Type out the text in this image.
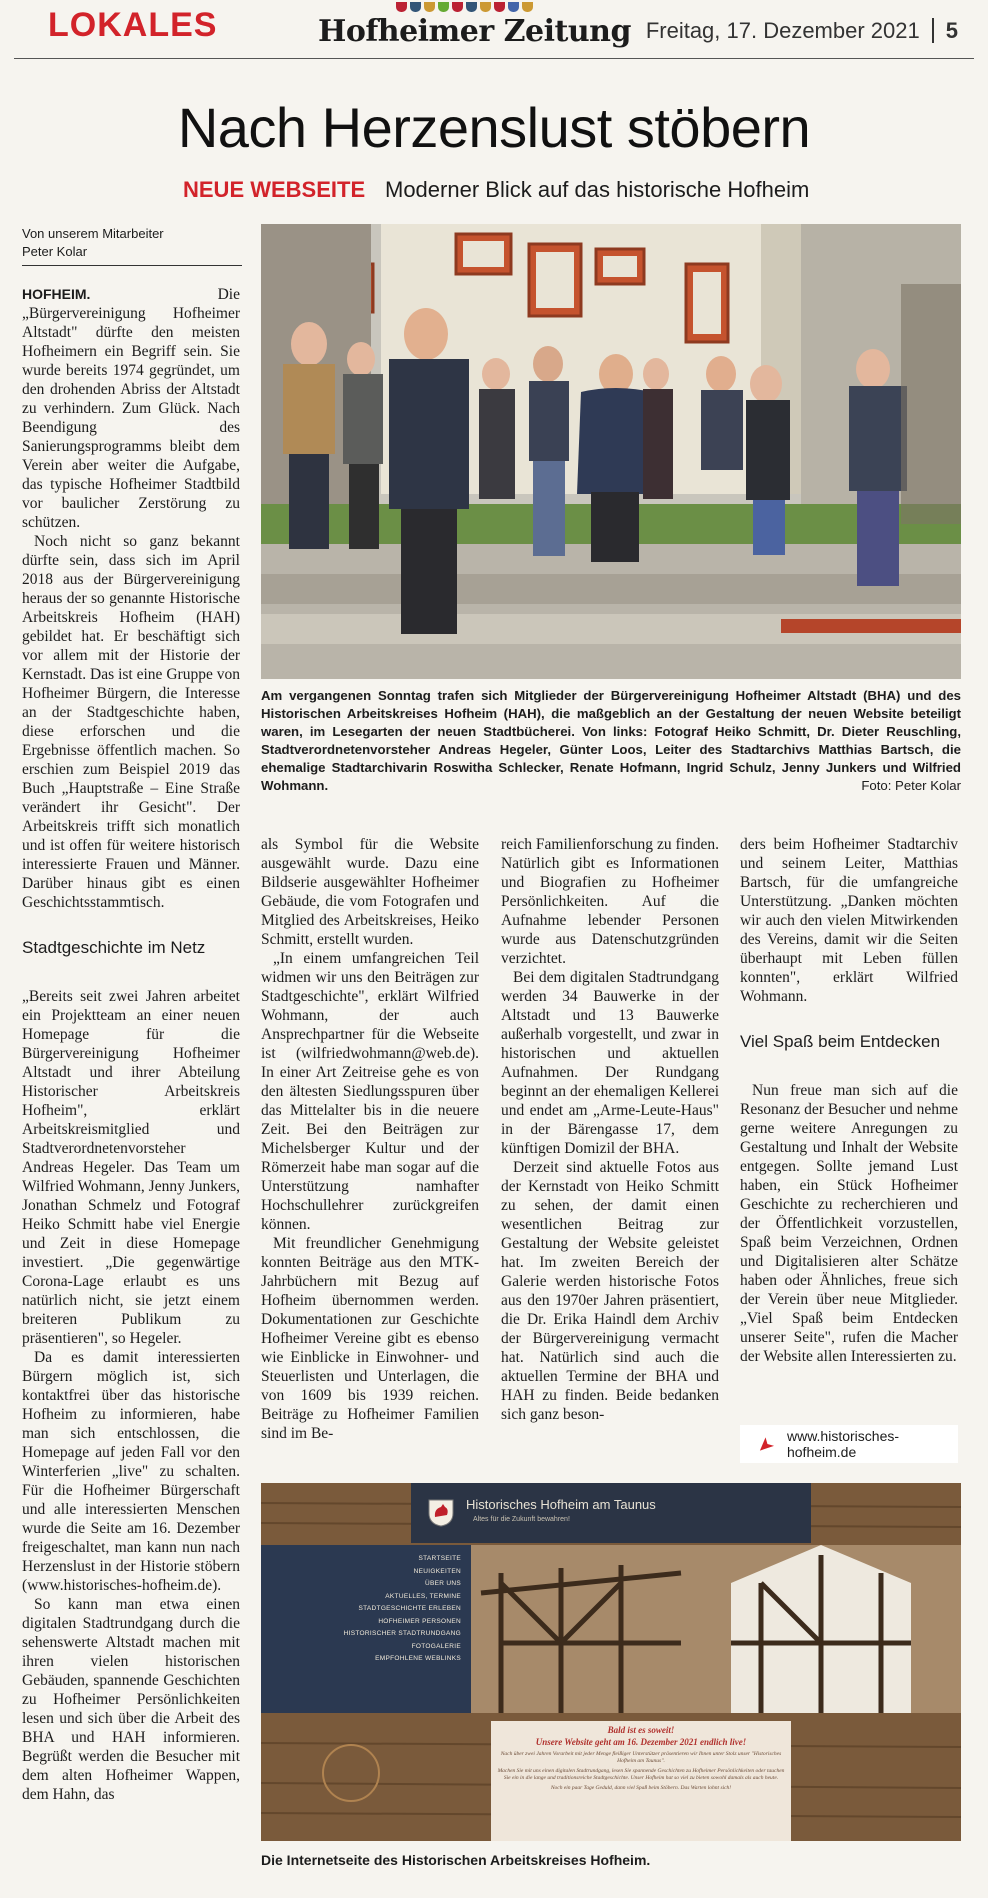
LOKALES	Hofheimer Zeitung Freitag, 17. Dezember 2021 5
Nach Herzenslust stöbern
NEUE WEBSEITE Moderner Blick auf das historische Hofheim
Von unserem Mitarbeiter
Peter Kolar

HOFHEIM.	Die „Bürgervereinigung Hofheimer Altstadt" dürfte den meisten Hofheimern ein Begriff sein. Sie wurde bereits 1974 gegründet, um den drohenden Abriss der Altstadt zu verhindern. Zum Glück. Nach Beendigung des Sanierungsprogramms bleibt dem Verein aber weiter die Aufgabe, das typische Hofheimer Stadtbild vor baulicher Zerstörung zu schützen.

Noch nicht so ganz bekannt dürfte sein, dass sich im April 2018 aus der Bürgervereinigung heraus der so genannte Historische Arbeitskreis Hofheim (HAH) gebildet hat. Er beschäftigt sich vor allem mit der Historie der Kernstadt. Das ist eine Gruppe von Hofheimer Bürgern, die Interesse an der Stadtgeschichte haben, diese erforschen und die Ergebnisse öffentlich machen. So erschien zum Beispiel 2019 das Buch „Hauptstraße – Eine Straße verändert ihr Gesicht". Der Arbeitskreis trifft sich monatlich und ist offen für weitere historisch interessierte Frauen und Männer. Darüber hinaus gibt es einen Geschichtsstammtisch.

Stadtgeschichte im Netz

„Bereits seit zwei Jahren arbeitet ein Projektteam an einer neuen Homepage für die Bürgervereinigung Hofheimer Altstadt und ihrer Abteilung Historischer Arbeitskreis Hofheim", erklärt Arbeitskreismitglied und Stadtverordnetenvorsteher Andreas Hegeler. Das Team um Wilfried Wohmann, Jenny Junkers, Jonathan Schmelz und Fotograf Heiko Schmitt habe viel Energie und Zeit in diese Homepage investiert. „Die gegenwärtige Corona-Lage erlaubt es uns natürlich nicht, sie jetzt einem breiteren Publikum zu präsentieren", so Hegeler.

Da es damit interessierten Bürgern möglich ist, sich kontaktfrei über das historische Hofheim zu informieren, habe man sich entschlossen, die Homepage auf jeden Fall vor den Winterferien „live" zu schalten. Für die Hofheimer Bürgerschaft und alle interessierten Menschen wurde die Seite am 16. Dezember freigeschaltet, man kann nun nach Herzenslust in der Historie stöbern (www.historisches-hofheim.de).

So kann man etwa einen digitalen Stadtrundgang durch die sehenswerte Altstadt machen mit ihren vielen historischen Gebäuden, spannende Geschichten zu Hofheimer Persönlichkeiten lesen und sich über die Arbeit des BHA und HAH informieren. Begrüßt werden die Besucher mit dem alten Hofheimer Wappen, dem Hahn, das

Am vergangenen Sonntag trafen sich Mitglieder der Bürgervereinigung Hofheimer Altstadt (BHA) und des Historischen Arbeitskreises Hofheim (HAH), die maßgeblich an der Gestaltung der neuen Website beteiligt waren, im Lesegarten der neuen Stadtbücherei. Von links: Fotograf Heiko Schmitt, Dr. Dieter Reuschling, Stadtverordnetenvorsteher Andreas Hegeler, Günter Loos, Leiter des Stadtarchivs Matthias Bartsch, die ehemalige Stadtarchivarin Roswitha Schlecker, Renate Hofmann, Ingrid Schulz, Jenny Junkers und Wilfried Wohmann.	Foto: Peter Kolar

als Symbol für die Website ausgewählt wurde. Dazu eine Bildserie ausgewählter Hofheimer Gebäude, die vom Fotografen und Mitglied des Arbeitskreises, Heiko Schmitt, erstellt wurden.

„In einem umfangreichen Teil widmen wir uns den Beiträgen zur Stadtgeschichte", erklärt Wilfried Wohmann, der auch Ansprechpartner für die Webseite ist (wilfriedwohmann@web.de). In einer Art Zeitreise gehe es von den ältesten Siedlungsspuren über das Mittelalter bis in die neuere Zeit. Bei den Beiträgen zur Michelsberger Kultur und der Römerzeit habe man sogar auf die Unterstützung namhafter Hochschullehrer zurückgreifen können.

Mit freundlicher Genehmigung konnten Beiträge aus den MTK-Jahrbüchern mit Bezug auf Hofheim übernommen werden. Dokumentationen zur Geschichte Hofheimer Vereine gibt es ebenso wie Einblicke in Einwohner- und Steuerlisten und Unterlagen, die von 1609 bis 1939 reichen. Beiträge zu Hofheimer Familien sind im Be-

reich Familienforschung zu finden. Natürlich gibt es Informationen und Biografien zu Hofheimer Persönlichkeiten. Auf die Aufnahme lebender Personen wurde aus Datenschutzgründen verzichtet.

Bei dem digitalen Stadtrundgang werden 34 Bauwerke in der Altstadt und 13 Bauwerke außerhalb vorgestellt, und zwar in historischen und aktuellen Aufnahmen. Der Rundgang beginnt an der ehemaligen Kellerei und endet am „Arme-Leute-Haus" in der Bärengasse 17, dem künftigen Domizil der BHA.

Derzeit sind aktuelle Fotos aus der Kernstadt von Heiko Schmitt zu sehen, der damit einen wesentlichen Beitrag zur Gestaltung der Website geleistet hat. Im zweiten Bereich der Galerie werden historische Fotos aus den 1970er Jahren präsentiert, die Dr. Erika Haindl dem Archiv der Bürgervereinigung vermacht hat. Natürlich sind auch die aktuellen Termine der BHA und HAH zu finden. Beide bedanken sich ganz beson-

ders beim Hofheimer Stadtarchiv und seinem Leiter, Matthias Bartsch, für die umfangreiche Unterstützung. „Danken möchten wir auch den vielen Mitwirkenden des Vereins, damit wir die Seiten überhaupt mit Leben füllen konnten", erklärt Wilfried Wohmann.

Viel Spaß beim Entdecken

Nun freue man sich auf die Resonanz der Besucher und nehme gerne weitere Anregungen zu Gestaltung und Inhalt der Website entgegen. Sollte jemand Lust haben, ein Stück Hofheimer Geschichte zu recherchieren und der Öffentlichkeit vorzustellen, Spaß beim Verzeichnen, Ordnen und Digitalisieren alter Schätze haben oder Ähnliches, freue sich der Verein über neue Mitglieder. „Viel Spaß beim Entdecken unserer Seite", rufen die Macher der Website allen Interessierten zu.

www.historisches-hofheim.de
Historisches Hofheim am Taunus
Altes für die Zukunft bewahren!
STARTSEITE
NEUIGKEITEN
ÜBER UNS
AKTUELLES, TERMINE
STADTGESCHICHTE ERLEBEN
HOFHEIMER PERSONEN
HISTORISCHER STADTRUNDGANG
FOTOGALERIE
EMPFOHLENE WEBLINKS
Bald ist es soweit!
Unsere Website geht am 16. Dezember 2021 endlich live!
Nach über zwei Jahren Vorarbeit mit jeder Menge fleißiger Unterstützer präsentieren wir Ihnen unter Stolz unser "Historisches Hofheim am Taunus".
Machen Sie mit uns einen digitalen Stadtrundgang, lesen Sie spannende Geschichten zu Hofheimer Persönlichkeiten oder tauchen Sie ein in die lange und traditionsreiche Stadtgeschichte. Unser Hofheim hat so viel zu bieten sowohl damals als auch heute.
Noch ein paar Tage Geduld, dann viel Spaß beim Stöbern. Das Warten lohnt sich!
Die Internetseite des Historischen Arbeitskreises Hofheim.
